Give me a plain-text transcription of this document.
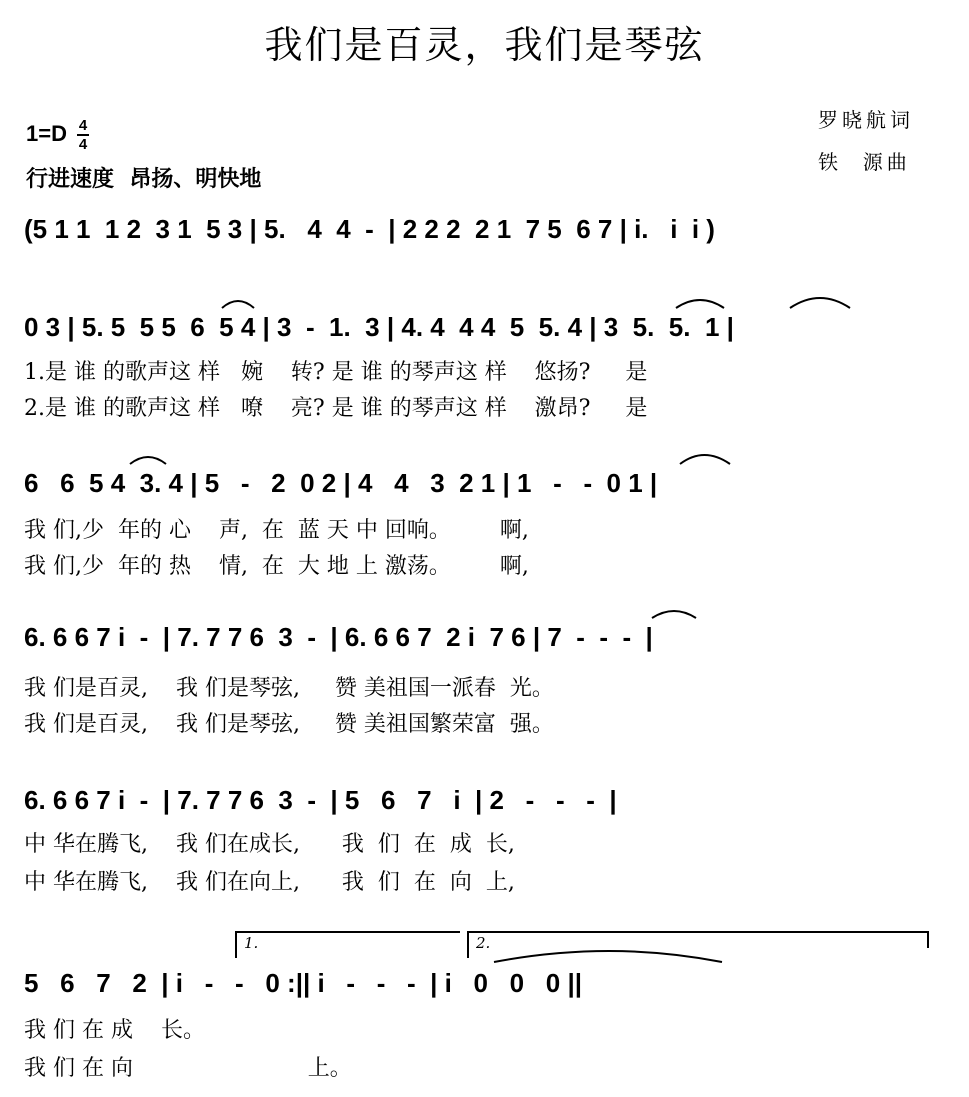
我们是百灵，我们是琴弦
罗晓航词
铁  源曲
$1=D \frac{4}{4}$
行进速度  昂扬、明快地
(5 1 1  1 2  3 1  5 3 | 5.   4  4  -  | 2 2 2  2 1  7 5  6 7 | i.   i  i )
0 3 | 5. 5  5 5  6  5 4 | 3  -  1.  3 | 4. 4  4 4  5  5. 4 | 3  5.  5.  1 |
1.是 谁 的歌声这 样   婉    转? 是 谁 的琴声这 样    悠扬?     是
2.是 谁 的歌声这 样   嘹    亮? 是 谁 的琴声这 样    激昂?     是
6   6  5 4  3. 4 | 5   -   2  0 2 | 4   4   3  2 1 | 1   -   -  0 1 |
我 们,少  年的 心    声,  在  蓝 天 中 回响。       啊,
我 们,少  年的 热    情,  在  大 地 上 激荡。       啊,
6. 6 6 7 i  -  | 7. 7 7 6  3  -  | 6. 6 6 7  2 i  7 6 | 7  -  -  -  |
我 们是百灵,    我 们是琴弦,     赞 美祖国一派春  光。
我 们是百灵,    我 们是琴弦,     赞 美祖国繁荣富  强。
6. 6 6 7 i  -  | 7. 7 7 6  3  -  | 5   6   7   i  | 2   -   -   -  |
中 华在腾飞,    我 们在成长,      我  们  在  成  长,
中 华在腾飞,    我 们在向上,      我  们  在  向  上,
1.	2.
5   6   7   2  | i   -   -   0 :|| i   -   -   -  | i   0   0   0 ||
我 们 在 成    长。
我 们 在 向                         上。
